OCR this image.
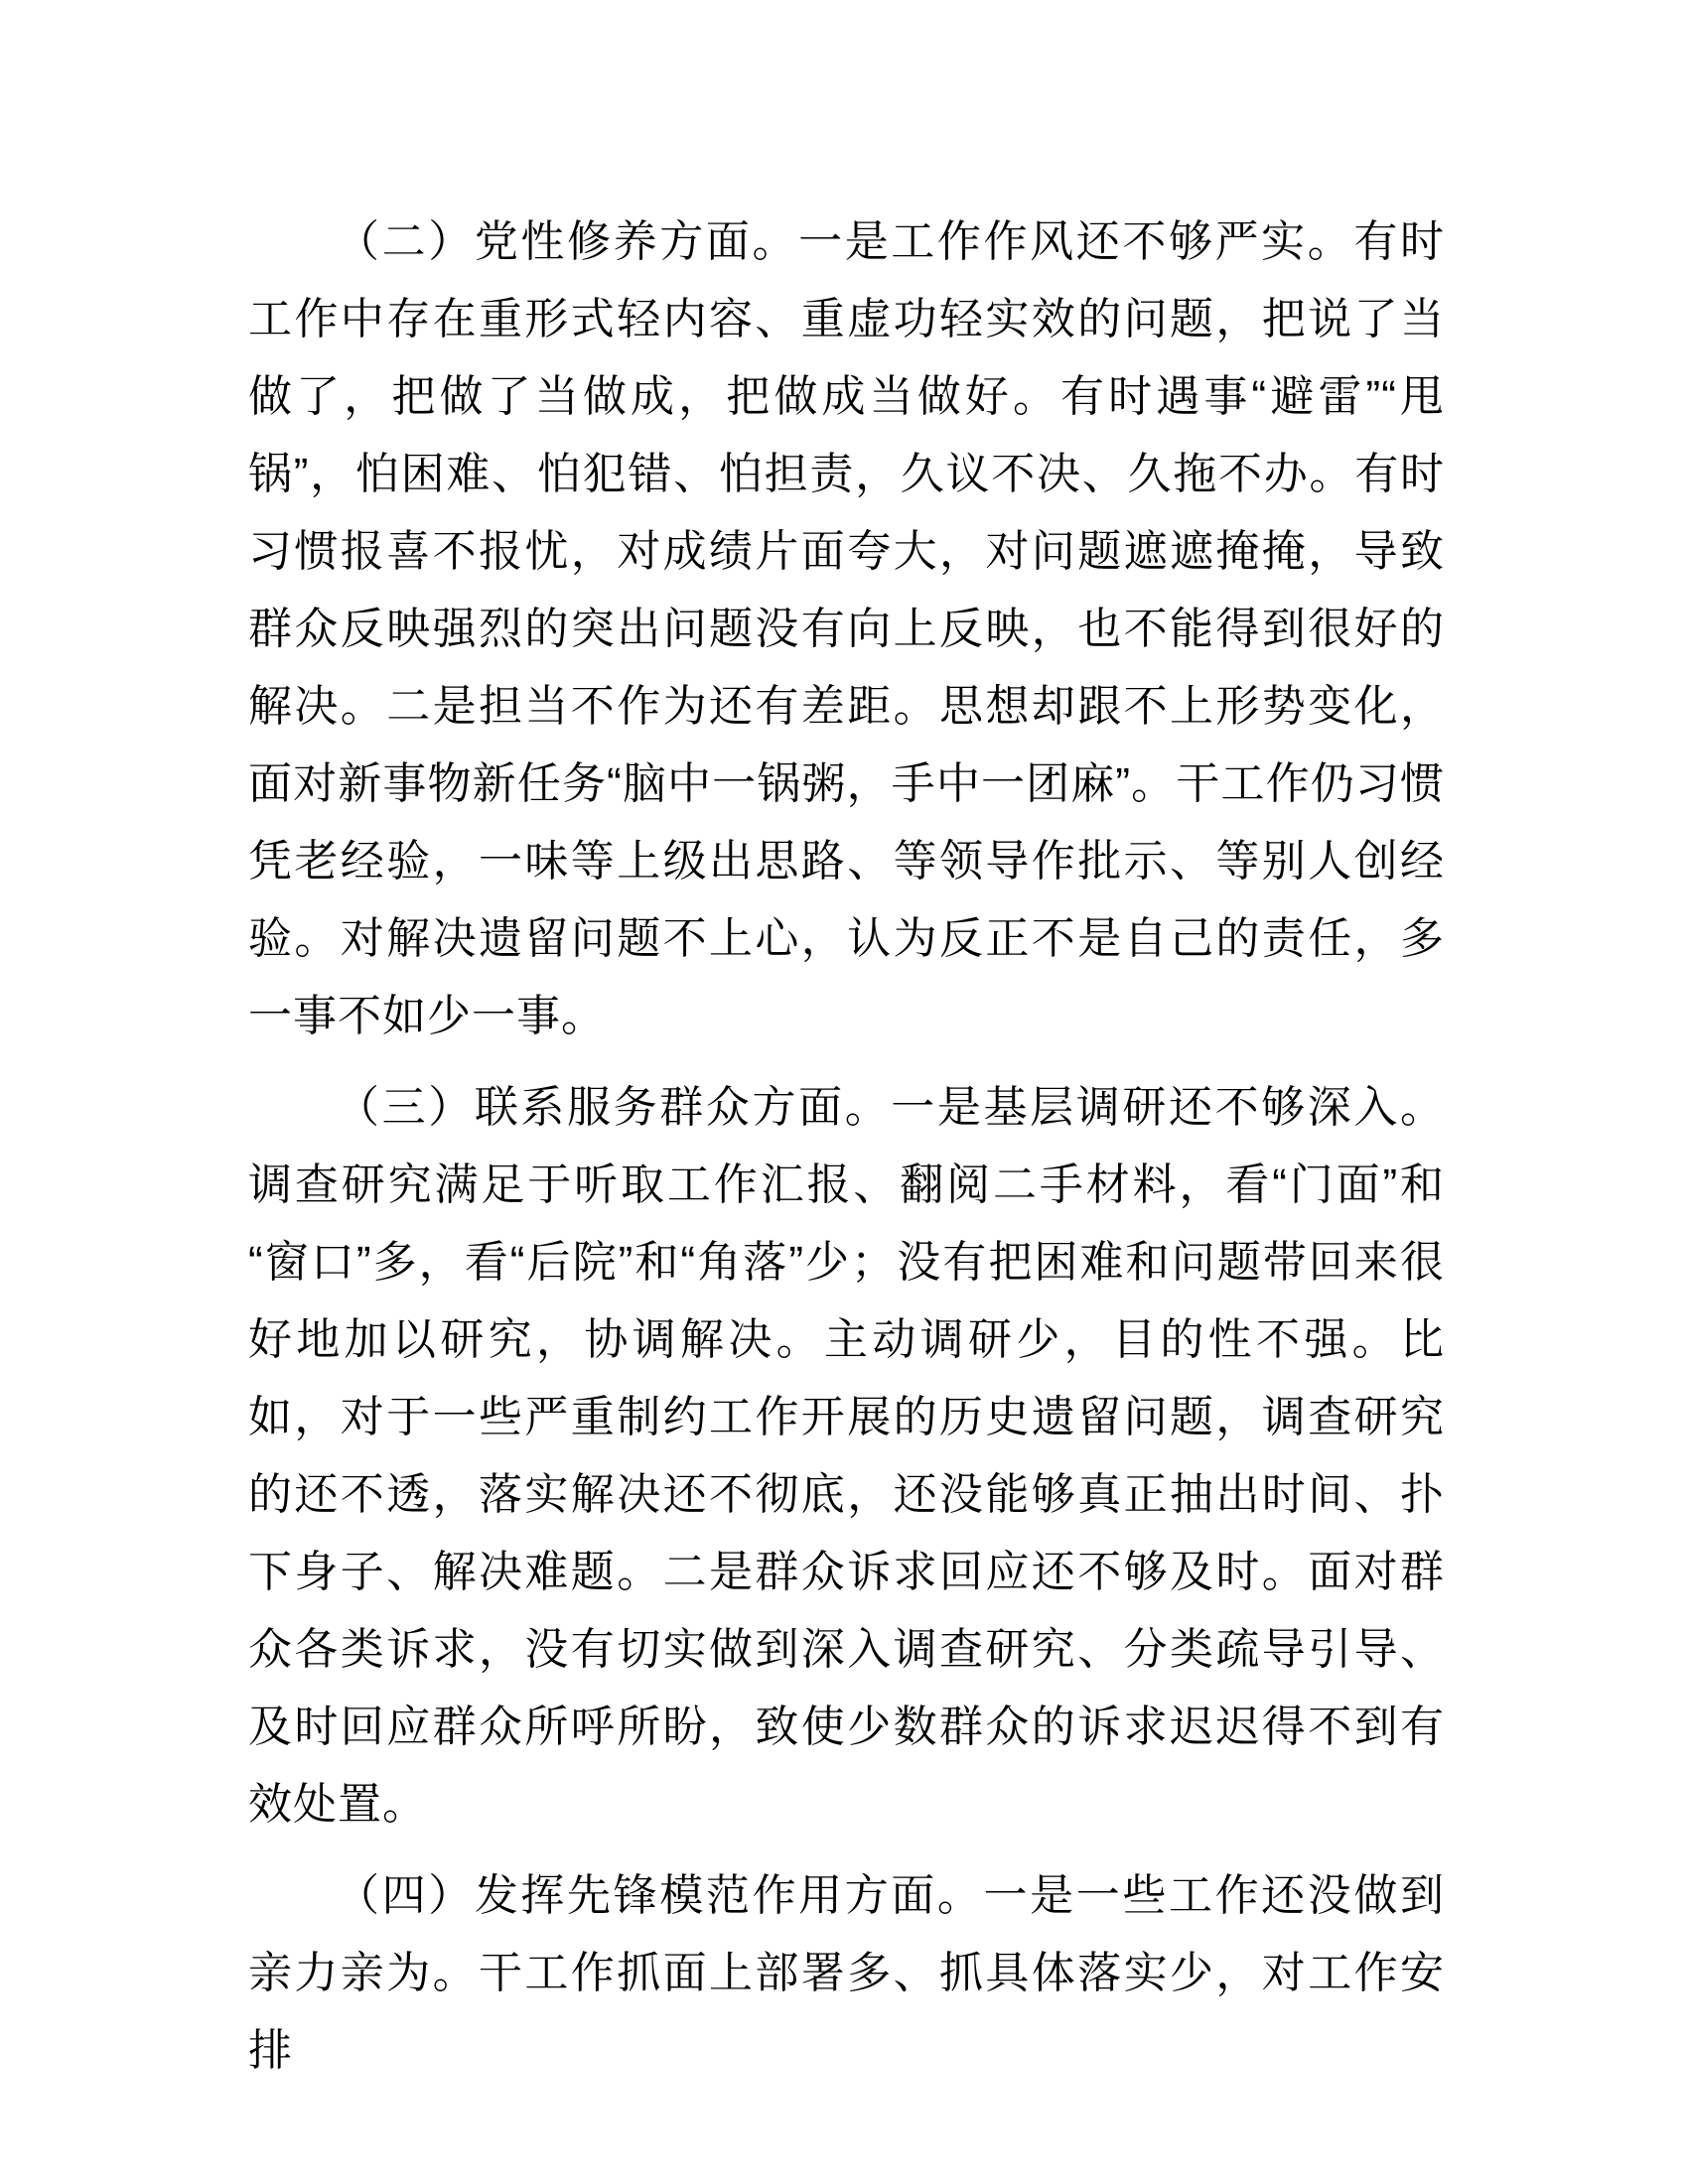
（二）党性修养方面。一是工作作风还不够严实。有时工作中存在重形式轻内容、重虚功轻实效的问题，把说了当做了，把做了当做成，把做成当做好。有时遇事“避雷”“甩锅”，怕困难、怕犯错、怕担责，久议不决、久拖不办。有时习惯报喜不报忧，对成绩片面夸大，对问题遮遮掩掩，导致群众反映强烈的突出问题没有向上反映，也不能得到很好的解决。二是担当不作为还有差距。思想却跟不上形势变化，面对新事物新任务“脑中一锅粥，手中一团麻”。干工作仍习惯凭老经验，一味等上级出思路、等领导作批示、等别人创经验。对解决遗留问题不上心，认为反正不是自己的责任，多一事不如少一事。

（三）联系服务群众方面。一是基层调研还不够深入。调查研究满足于听取工作汇报、翻阅二手材料，看“门面”和“窗口”多，看“后院”和“角落”少；没有把困难和问题带回来很好地加以研究，协调解决。主动调研少，目的性不强。比如，对于一些严重制约工作开展的历史遗留问题，调查研究的还不透，落实解决还不彻底，还没能够真正抽出时间、扑下身子、解决难题。二是群众诉求回应还不够及时。面对群众各类诉求，没有切实做到深入调查研究、分类疏导引导、及时回应群众所呼所盼，致使少数群众的诉求迟迟得不到有效处置。

（四）发挥先锋模范作用方面。一是一些工作还没做到亲力亲为。干工作抓面上部署多、抓具体落实少，对工作安排
